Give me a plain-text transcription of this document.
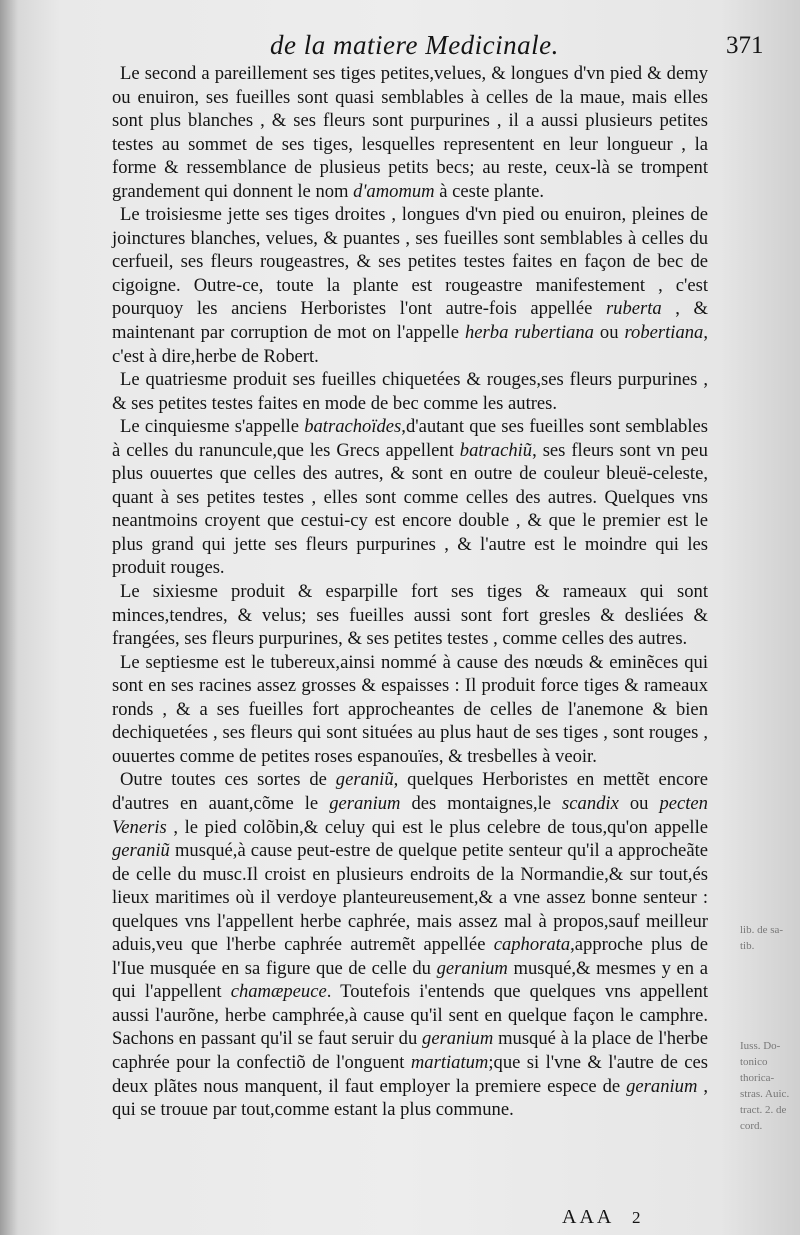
de la matiere Medicinale.	371

Le second a pareillement ses tiges petites,velues, & longues d'vn pied & demy ou enuiron, ses fueilles sont quasi semblables à celles de la maue, mais elles sont plus blanches , & ses fleurs sont purpurines , il a aussi plusieurs petites testes au sommet de ses tiges, lesquelles representent en leur longueur , la forme & ressemblance de plusieus petits becs; au reste, ceux-là se trompent grandement qui donnent le nom d'amomum à ceste plante.

Le troisiesme jette ses tiges droites , longues d'vn pied ou enuiron, pleines de joinctures blanches, velues, & puantes , ses fueilles sont semblables à celles du cerfueil, ses fleurs rougeastres, & ses petites testes faites en façon de bec de cigoigne. Outre-ce, toute la plante est rougeastre manifestement , c'est pourquoy les anciens Herboristes l'ont autre-fois appellée ruberta , & maintenant par corruption de mot on l'appelle herba rubertiana ou robertiana, c'est à dire,herbe de Robert.

Le quatriesme produit ses fueilles chiquetées & rouges,ses fleurs purpurines , & ses petites testes faites en mode de bec comme les autres.

Le cinquiesme s'appelle batrachoïdes,d'autant que ses fueilles sont semblables à celles du ranuncule,que les Grecs appellent batrachiũ, ses fleurs sont vn peu plus ouuertes que celles des autres, & sont en outre de couleur bleuë-celeste, quant à ses petites testes , elles sont comme celles des autres. Quelques vns neantmoins croyent que cestui-cy est encore double , & que le premier est le plus grand qui jette ses fleurs purpurines , & l'autre est le moindre qui les produit rouges.

Le sixiesme produit & esparpille fort ses tiges & rameaux qui sont minces,tendres, & velus; ses fueilles aussi sont fort gresles & desliées & frangées, ses fleurs purpurines, & ses petites testes , comme celles des autres.

Le septiesme est le tubereux,ainsi nommé à cause des nœuds & eminẽces qui sont en ses racines assez grosses & espaisses : Il produit force tiges & rameaux ronds , & a ses fueilles fort approcheantes de celles de l'anemone & bien dechiquetées , ses fleurs qui sont situées au plus haut de ses tiges , sont rouges , ouuertes comme de petites roses espanouïes, & tresbelles à veoir.

Outre toutes ces sortes de geraniũ, quelques Herboristes en mettẽt encore d'autres en auant,cõme le geranium des montaignes,le scandix ou pecten Veneris , le pied colõbin,& celuy qui est le plus celebre de tous,qu'on appelle geraniũ musqué,à cause peut-estre de quelque petite senteur qu'il a approcheãte de celle du musc.Il croist en plusieurs endroits de la Normandie,& sur tout,és lieux maritimes où il verdoye planteureusement,& a vne assez bonne senteur : quelques vns l'appellent herbe caphrée, mais assez mal à propos,sauf meilleur aduis,veu que l'herbe caphrée autremẽt appellée caphorata,approche plus de l'Iue musquée en sa figure que de celle du geranium musqué,& mesmes y en a qui l'appellent chamæpeuce. Toutefois i'entends que quelques vns appellent aussi l'aurõne, herbe camphrée,à cause qu'il sent en quelque façon le camphre. Sachons en passant qu'il se faut seruir du geranium musqué à la place de l'herbe caphrée pour la confectiõ de l'onguent martiatum;que si l'vne & l'autre de ces deux plãtes nous manquent, il faut employer la premiere espece de geranium , qui se trouue par tout,comme estant la plus commune.

lib. de sa-
tib.
Iuss. Do-
tonico
thorica-
stras. Auic.
tract. 2. de
cord.
AAA 2
